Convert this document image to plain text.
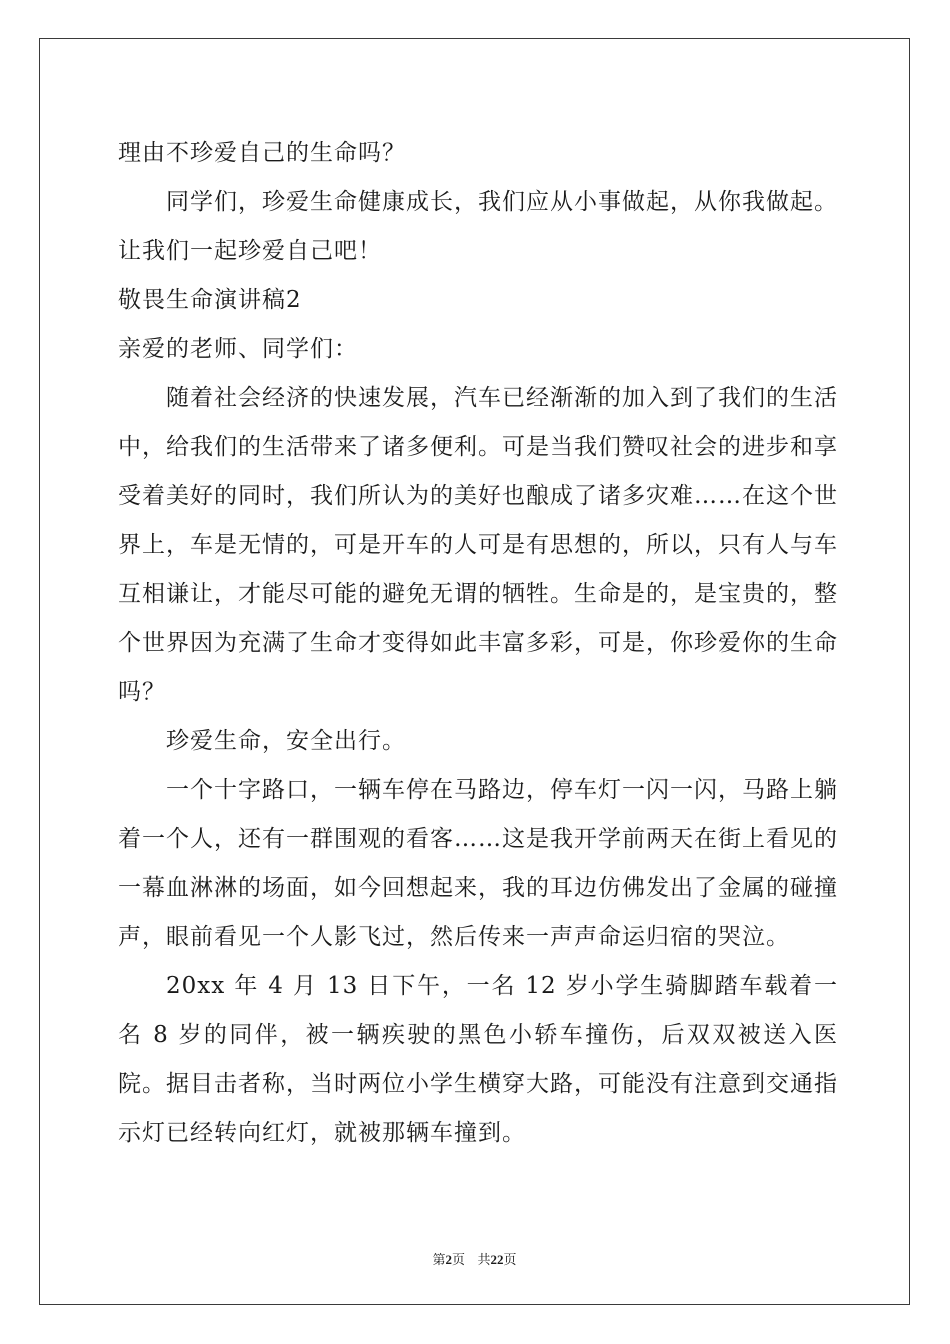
理由不珍爱自己的生命吗？

同学们，珍爱生命健康成长，我们应从小事做起，从你我做起。让我们一起珍爱自己吧！

敬畏生命演讲稿2

亲爱的老师、同学们：

随着社会经济的快速发展，汽车已经渐渐的加入到了我们的生活中，给我们的生活带来了诸多便利。可是当我们赞叹社会的进步和享受着美好的同时，我们所认为的美好也酿成了诸多灾难……在这个世界上，车是无情的，可是开车的人可是有思想的，所以，只有人与车互相谦让，才能尽可能的避免无谓的牺牲。生命是的，是宝贵的，整个世界因为充满了生命才变得如此丰富多彩，可是，你珍爱你的生命吗？

珍爱生命，安全出行。

一个十字路口，一辆车停在马路边，停车灯一闪一闪，马路上躺着一个人，还有一群围观的看客……这是我开学前两天在街上看见的一幕血淋淋的场面，如今回想起来，我的耳边仿佛发出了金属的碰撞声，眼前看见一个人影飞过，然后传来一声声命运归宿的哭泣。

20xx 年 4 月 13 日下午，一名 12 岁小学生骑脚踏车载着一名 8 岁的同伴，被一辆疾驶的黑色小轿车撞伤，后双双被送入医院。据目击者称，当时两位小学生横穿大路，可能没有注意到交通指示灯已经转向红灯，就被那辆车撞到。

第2页 共22页
